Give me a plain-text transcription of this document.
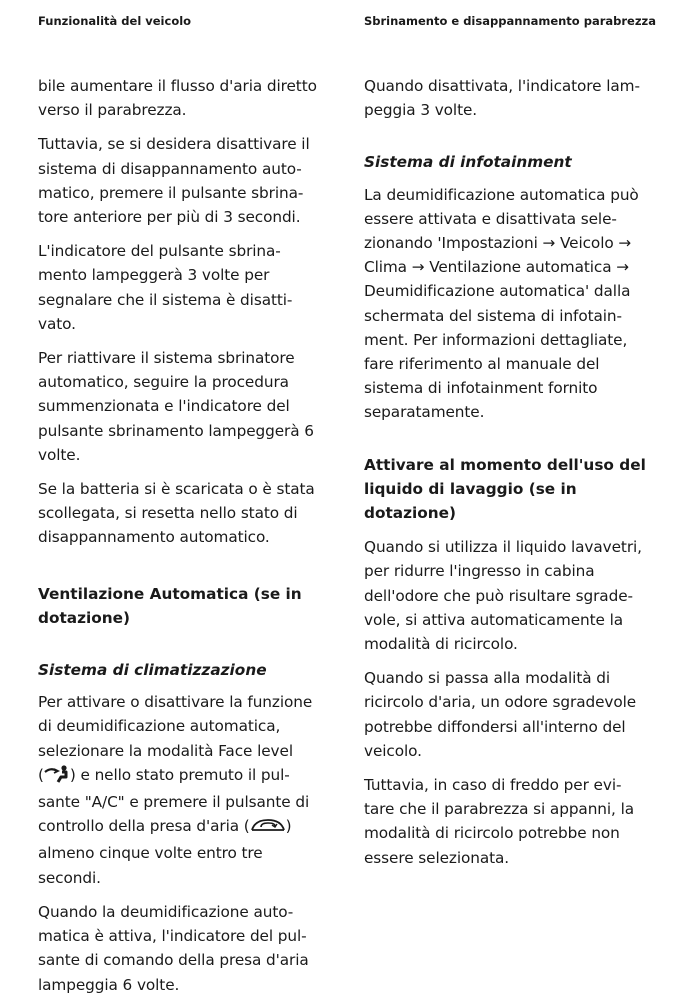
Funzionalità del veicolo	Sbrinamento e disappannamento parabrezza
bile aumentare il flusso d'aria diretto
verso il parabrezza.
Tuttavia, se si desidera disattivare il
sistema di disappannamento auto-
matico, premere il pulsante sbrina-
tore anteriore per più di 3 secondi.
L'indicatore del pulsante sbrina-
mento lampeggerà 3 volte per
segnalare che il sistema è disatti-
vato.
Per riattivare il sistema sbrinatore
automatico, seguire la procedura
summenzionata e l'indicatore del
pulsante sbrinamento lampeggerà 6
volte.
Se la batteria si è scaricata o è stata
scollegata, si resetta nello stato di
disappannamento automatico.
Ventilazione Automatica (se in
dotazione)
Sistema di climatizzazione
Per attivare o disattivare la funzione
di deumidificazione automatica,
selezionare la modalità Face level
( ) e nello stato premuto il pul-
sante "A/C" e premere il pulsante di
controllo della presa d'aria ( )
almeno cinque volte entro tre
secondi.
Quando la deumidificazione auto-
matica è attiva, l'indicatore del pul-
sante di comando della presa d'aria
lampeggia 6 volte.
Quando disattivata, l'indicatore lam-
peggia 3 volte.
Sistema di infotainment
La deumidificazione automatica può
essere attivata e disattivata sele-
zionando 'Impostazioni → Veicolo →
Clima → Ventilazione automatica →
Deumidificazione automatica' dalla
schermata del sistema di infotain-
ment. Per informazioni dettagliate,
fare riferimento al manuale del
sistema di infotainment fornito
separatamente.
Attivare al momento dell'uso del
liquido di lavaggio (se in dotazione)
Quando si utilizza il liquido lavavetri,
per ridurre l'ingresso in cabina
dell'odore che può risultare sgrade-
vole, si attiva automaticamente la
modalità di ricircolo.
Quando si passa alla modalità di
ricircolo d'aria, un odore sgradevole
potrebbe diffondersi all'interno del
veicolo.
Tuttavia, in caso di freddo per evi-
tare che il parabrezza si appanni, la
modalità di ricircolo potrebbe non
essere selezionata.
